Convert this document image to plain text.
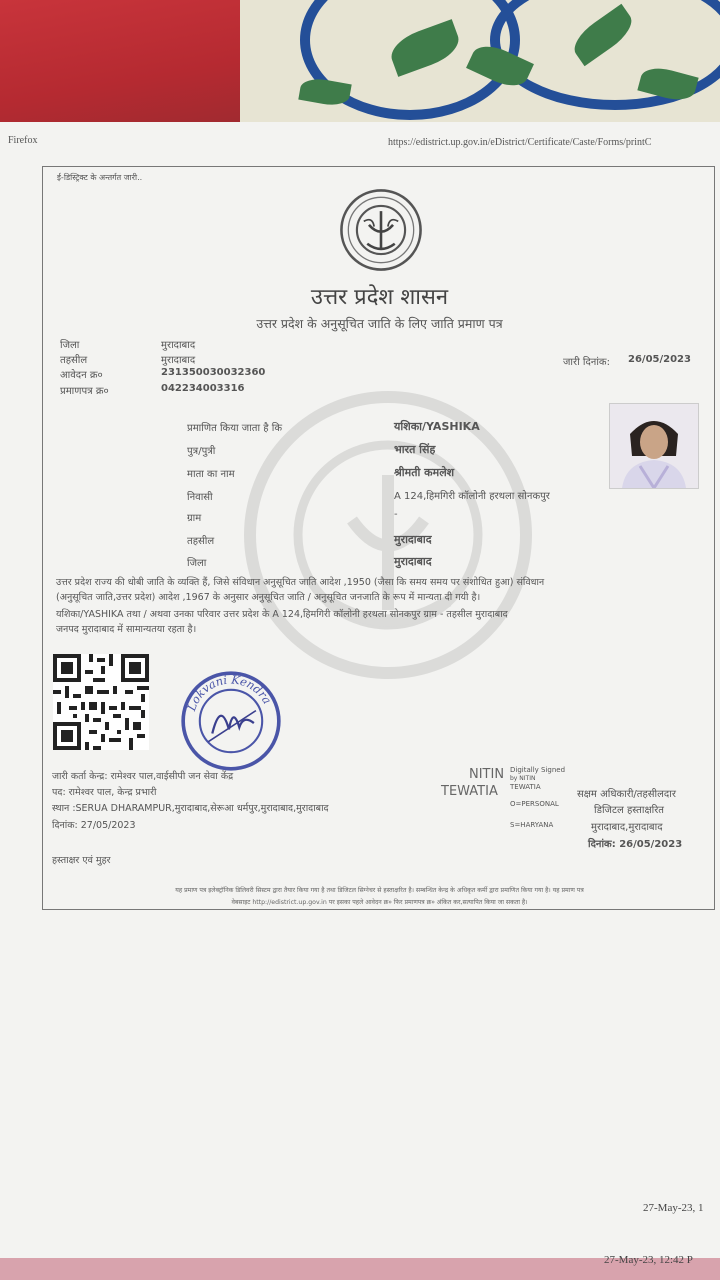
Firefox	https://edistrict.up.gov.in/eDistrict/Certificate/Caste/Forms/printC
ई-डिस्ट्रिक्ट के अन्तर्गत जारी..
उत्तर प्रदेश शासन
उत्तर प्रदेश के अनुसूचित जाति के लिए जाति प्रमाण पत्र
जिला	मुरादाबाद
तहसील	मुरादाबाद
आवेदन क्र०	231350030032360
प्रमाणपत्र क्र०	042234003316
जारी दिनांक: 26/05/2023
प्रमाणित किया जाता है कि	यशिका/YASHIKA
पुत्र/पुत्री	भारत सिंह
माता का नाम	श्रीमती कमलेश
निवासी	A 124,हिमगिरी कॉलोनी हरथला सोनकपुर
ग्राम	-
तहसील	मुरादाबाद
जिला	मुरादाबाद
उत्तर प्रदेश राज्य की धोबी जाति के व्यक्ति हैं, जिसे संविधान अनुसूचित जाति आदेश ,1950 (जैसा कि समय समय पर संशोधित हुआ) संविधान
(अनुसूचित जाति,उत्तर प्रदेश) आदेश ,1967 के अनुसार अनुसूचित जाति / अनुसूचित जनजाति के रूप में मान्यता दी गयी है।
यशिका/YASHIKA तथा / अथवा उनका परिवार उत्तर प्रदेश के A 124,हिमगिरी कॉलोनी हरथला सोनकपुर ग्राम - तहसील मुरादाबाद
जनपद मुरादाबाद में सामान्यतया रहता है।
Lokvani Kendra
जारी कर्ता केन्द्र: रामेश्वर पाल,वाईसीपी जन सेवा केंद्र
पद: रामेश्वर पाल, केन्द्र प्रभारी
स्थान :SERUA DHARAMPUR,मुरादाबाद,सेरूआ धर्मपुर,मुरादाबाद,मुरादाबाद
दिनांक: 27/05/2023
NITIN
TEWATIA
Digitally Signed
by NITIN
TEWATIA
O=PERSONAL
S=HARYANA
सक्षम अधिकारी/तहसीलदार
डिजिटल हस्ताक्षरित
मुरादाबाद,मुरादाबाद
दिनांक: 26/05/2023
हस्ताक्षर एवं मुहर
यह प्रमाण पत्र इलेक्ट्रॉनिक डिलिवरी सिस्टम द्वारा तैयार किया गया है तथा डिजिटल सिग्नेचर से हस्ताक्षरित है। सम्बन्धित केन्द्र के अधिकृत कर्मी द्वारा प्रमाणित किया गया है। यह प्रमाण पत्र
वेबसाइट http://edistrict.up.gov.in पर इसका पहले आवेदन क्र० फिर प्रमाणपत्र क्र० अंकित कर,सत्यापित किया जा सकता है।
27-May-23, 1
27-May-23, 12:42 P
